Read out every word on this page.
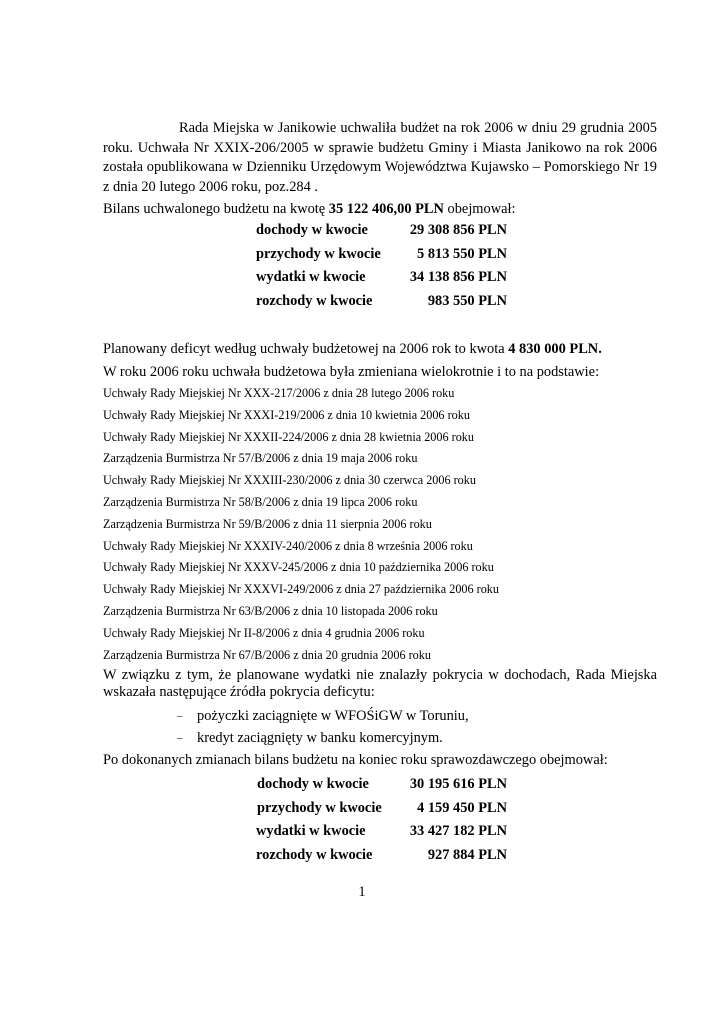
Rada Miejska w Janikowie uchwaliła budżet na rok 2006 w dniu 29 grudnia 2005 roku. Uchwała Nr XXIX-206/2005 w sprawie budżetu Gminy i Miasta Janikowo na rok 2006 została opublikowana w Dzienniku Urzędowym Województwa Kujawsko – Pomorskiego Nr 19 z dnia 20 lutego 2006 roku, poz.284 .

Bilans uchwalonego budżetu na kwotę 35 122 406,00 PLN obejmował:

dochody w kwocie	29 308 856 PLN
przychody w kwocie	5 813 550 PLN
wydatki w kwocie	34 138 856 PLN
rozchody w kwocie	983 550 PLN

Planowany deficyt według uchwały budżetowej na 2006 rok to kwota 4 830 000 PLN.

W roku 2006 roku uchwała budżetowa była zmieniana wielokrotnie i to na podstawie:

Uchwały Rady Miejskiej Nr XXX-217/2006 z dnia 28 lutego 2006 roku
Uchwały Rady Miejskiej Nr XXXI-219/2006 z dnia 10 kwietnia 2006 roku
Uchwały Rady Miejskiej Nr XXXII-224/2006 z dnia 28 kwietnia 2006 roku
Zarządzenia Burmistrza Nr 57/B/2006 z dnia 19 maja 2006 roku
Uchwały Rady Miejskiej Nr XXXIII-230/2006 z dnia 30 czerwca 2006 roku
Zarządzenia Burmistrza Nr 58/B/2006 z dnia 19 lipca 2006 roku
Zarządzenia Burmistrza Nr 59/B/2006 z dnia 11 sierpnia 2006 roku
Uchwały Rady Miejskiej Nr XXXIV-240/2006 z dnia 8 września 2006 roku
Uchwały Rady Miejskiej Nr XXXV-245/2006 z dnia 10 października 2006 roku
Uchwały Rady Miejskiej Nr XXXVI-249/2006 z dnia 27 października 2006 roku
Zarządzenia Burmistrza Nr 63/B/2006 z dnia 10 listopada 2006 roku
Uchwały Rady Miejskiej Nr II-8/2006 z dnia 4 grudnia 2006 roku
Zarządzenia Burmistrza Nr 67/B/2006 z dnia 20 grudnia 2006 roku

W związku z tym, że planowane wydatki nie znalazły pokrycia w dochodach, Rada Miejska wskazała następujące źródła pokrycia deficytu:

– pożyczki zaciągnięte w WFOŚiGW w Toruniu,
– kredyt zaciągnięty w banku komercyjnym.

Po dokonanych zmianach bilans budżetu na koniec roku sprawozdawczego obejmował:

dochody w kwocie	30 195 616 PLN
przychody w kwocie 4 159 450 PLN
wydatki w kwocie	33 427 182 PLN
rozchody w kwocie	927 884 PLN
1
